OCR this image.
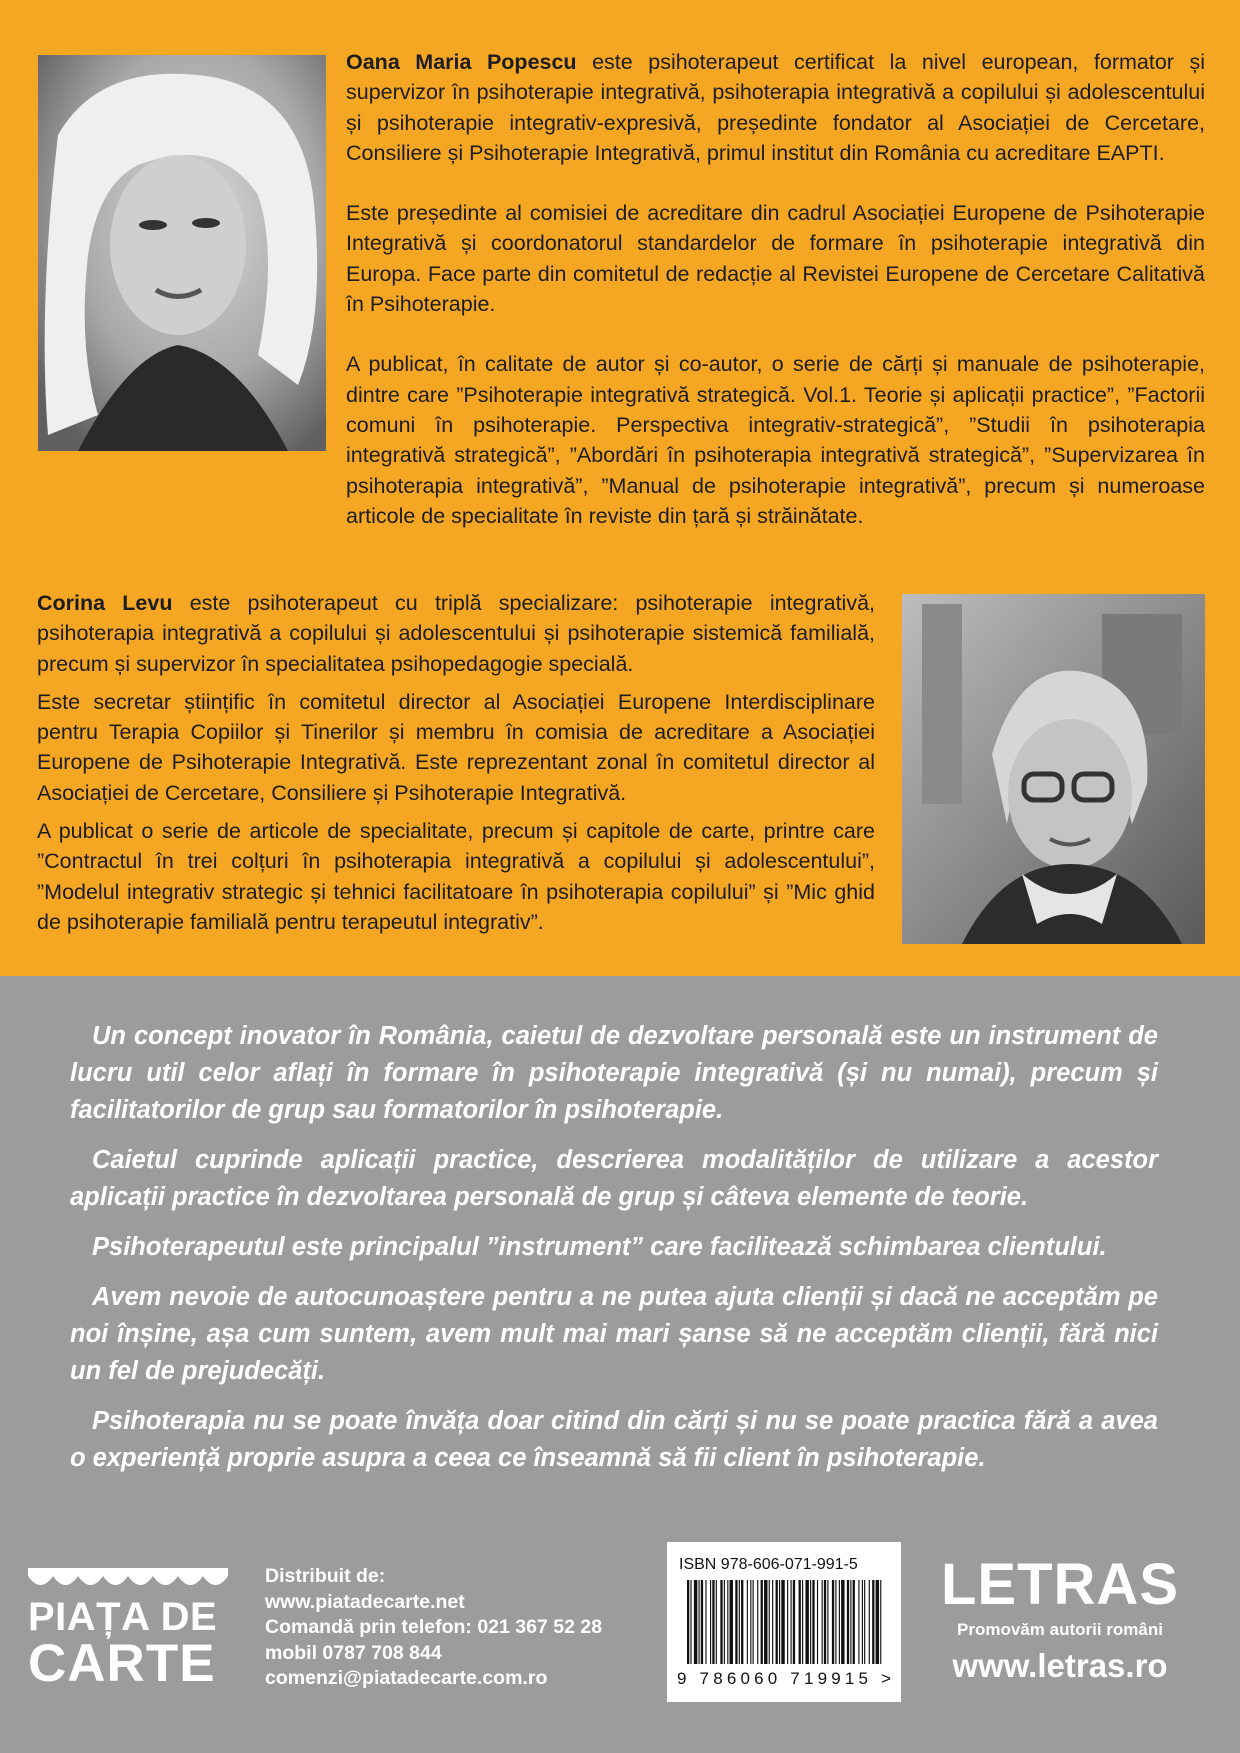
Oana Maria Popescu este psihoterapeut certificat la nivel european, formator și supervizor în psihoterapie integrativă, psihoterapia integrativă a copilului și adolescentului și psihoterapie integrativ-expresivă, președinte fondator al Asociației de Cercetare, Consiliere și Psihoterapie Integrativă, primul institut din România cu acreditare EAPTI.

Este președinte al comisiei de acreditare din cadrul Asociației Europene de Psihoterapie Integrativă și coordonatorul standardelor de formare în psihoterapie integrativă din Europa. Face parte din comitetul de redacție al Revistei Europene de Cercetare Calitativă în Psihoterapie.

A publicat, în calitate de autor și co-autor, o serie de cărți și manuale de psihoterapie, dintre care ”Psihoterapie integrativă strategică. Vol.1. Teorie și aplicații practice”, ”Factorii comuni în psihoterapie. Perspectiva integrativ-strategică”, ”Studii în psihoterapia integrativă strategică”, ”Abordări în psihoterapia integrativă strategică”, ”Supervizarea în psihoterapia integrativă”, ”Manual de psihoterapie integrativă”, precum și numeroase articole de specialitate în reviste din țară și străinătate.

Corina Levu este psihoterapeut cu triplă specializare: psihoterapie integrativă, psihoterapia integrativă a copilului și adolescentului și psihoterapie sistemică familială, precum și supervizor în specialitatea psihopedagogie specială.

Este secretar științific în comitetul director al Asociației Europene Interdisciplinare pentru Terapia Copiilor și Tinerilor și membru în comisia de acreditare a Asociației Europene de Psihoterapie Integrativă. Este reprezentant zonal în comitetul director al Asociației de Cercetare, Consiliere și Psihoterapie Integrativă.

A publicat o serie de articole de specialitate, precum și capitole de carte, printre care ”Contractul în trei colțuri în psihoterapia integrativă a copilului și adolescentului”, ”Modelul integrativ strategic și tehnici facilitatoare în psihoterapia copilului” și ”Mic ghid de psihoterapie familială pentru terapeutul integrativ”.

Un concept inovator în România, caietul de dezvoltare personală este un instrument de lucru util celor aflați în formare în psihoterapie integrativă (și nu numai), precum și facilitatorilor de grup sau formatorilor în psihoterapie.

Caietul cuprinde aplicații practice, descrierea modalităților de utilizare a acestor aplicații practice în dezvoltarea personală de grup și câteva elemente de teorie.

Psihoterapeutul este principalul ”instrument” care facilitează schimbarea clientului.

Avem nevoie de autocunoaștere pentru a ne putea ajuta clienții și dacă ne acceptăm pe noi înșine, așa cum suntem, avem mult mai mari șanse să ne acceptăm clienții, fără nici un fel de prejudecăți.

Psihoterapia nu se poate învăța doar citind din cărți și nu se poate practica fără a avea o experiență proprie asupra a ceea ce înseamnă să fii client în psihoterapie.

PIAȚA DE
CARTE
Distribuit de:
www.piatadecarte.net
Comandă prin telefon: 021 367 52 28
mobil 0787 708 844
comenzi@piatadecarte.com.ro
ISBN 978-606-071-991-5
9 786060 719915 >
LETRAS
Promovăm autorii români
www.letras.ro
